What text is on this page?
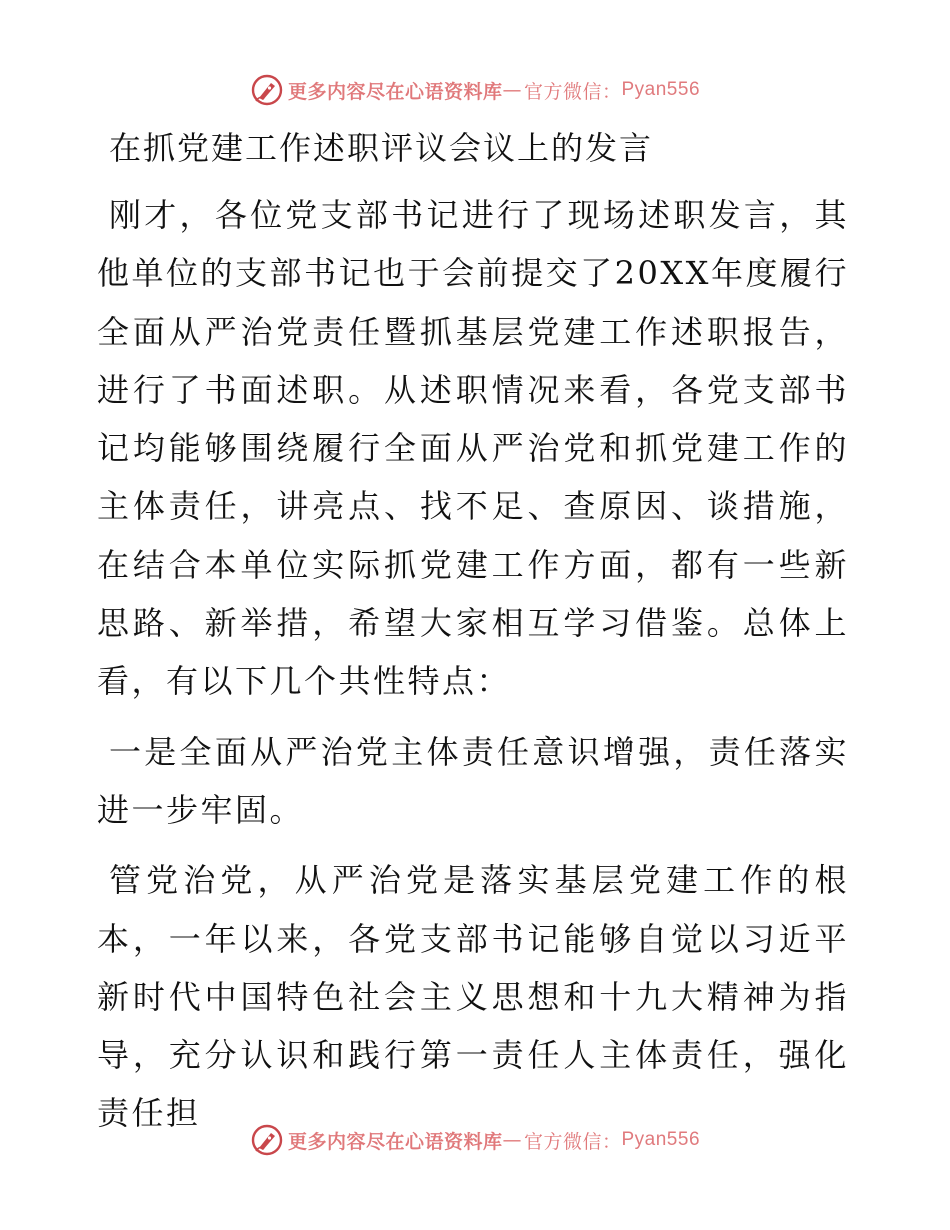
更多内容尽在心语资料库 — 官方微信： Pyan556
在抓党建工作述职评议会议上的发言

刚才，各位党支部书记进行了现场述职发言，其他单位的支部书记也于会前提交了20XX年度履行全面从严治党责任暨抓基层党建工作述职报告，进行了书面述职。从述职情况来看，各党支部书记均能够围绕履行全面从严治党和抓党建工作的主体责任，讲亮点、找不足、查原因、谈措施，在结合本单位实际抓党建工作方面，都有一些新思路、新举措，希望大家相互学习借鉴。总体上看，有以下几个共性特点：

一是全面从严治党主体责任意识增强，责任落实进一步牢固。

管党治党，从严治党是落实基层党建工作的根本，一年以来，各党支部书记能够自觉以习近平新时代中国特色社会主义思想和十九大精神为指导，充分认识和践行第一责任人主体责任，强化责任担

更多内容尽在心语资料库 — 官方微信： Pyan556
